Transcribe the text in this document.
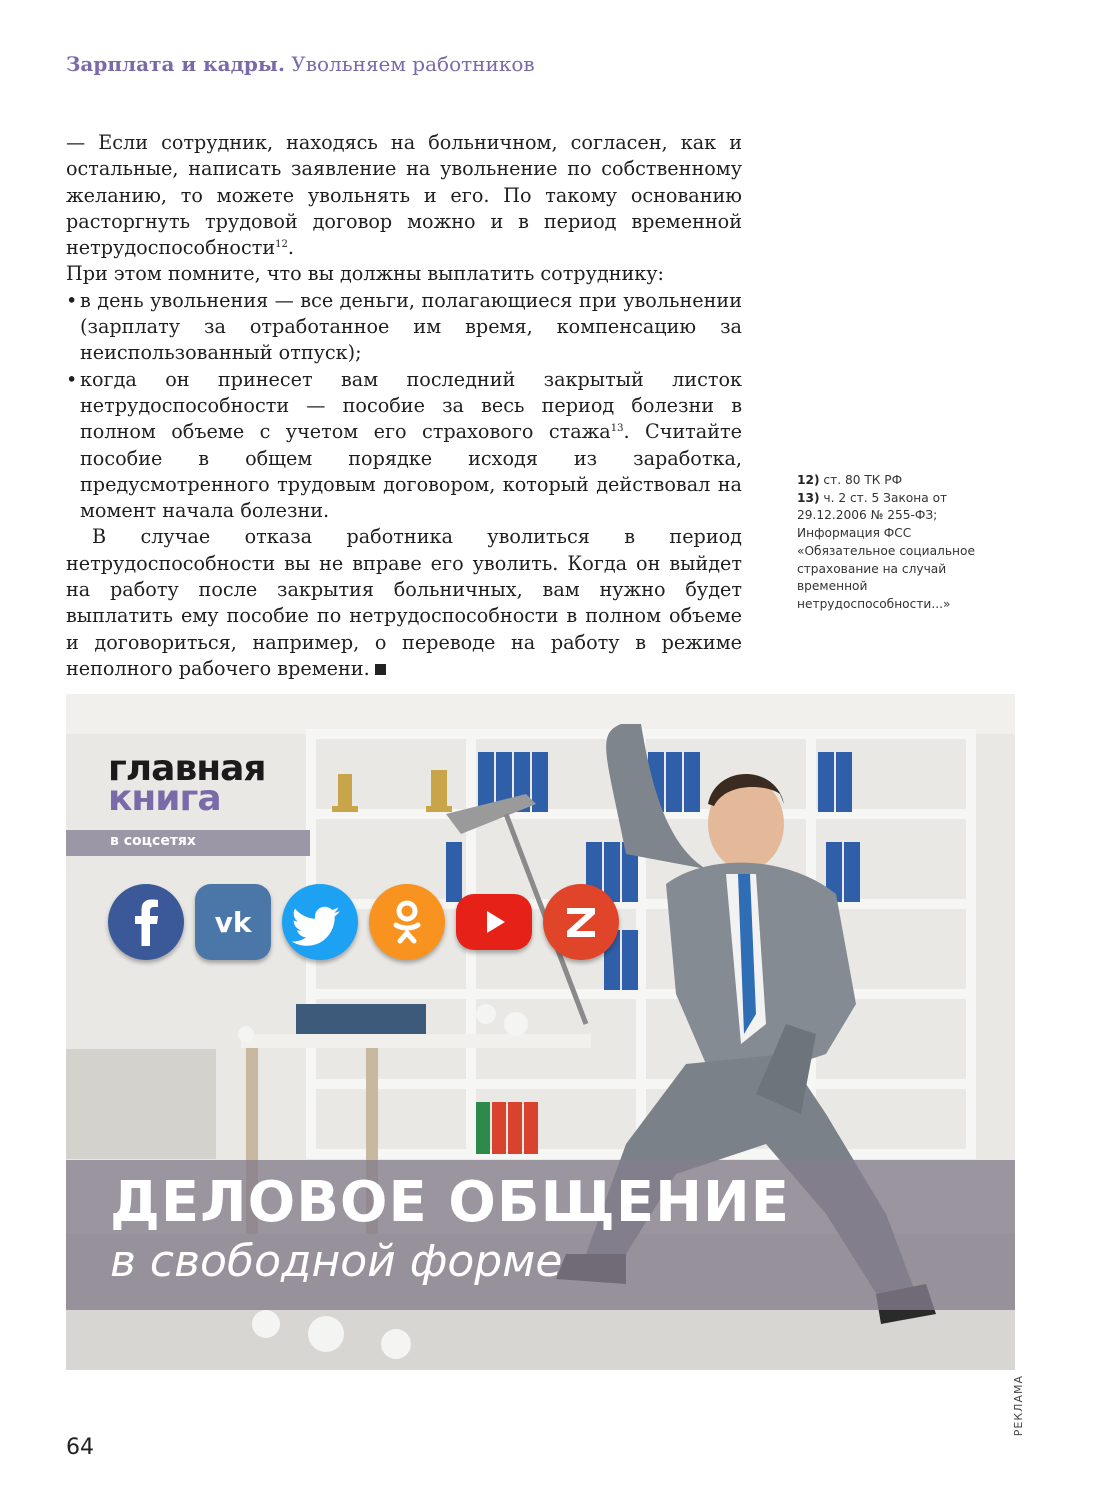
Зарплата и кадры. Увольняем работников

— Если сотрудник, находясь на больничном, согласен, как и остальные, написать заявление на увольнение по собственному желанию, то можете увольнять и его. По такому основанию расторгнуть трудовой договор можно и в период временной нетрудоспособности$^{12}$.

При этом помните, что вы должны выплатить сотруднику:

• в день увольнения — все деньги, полагающиеся при увольнении (зарплату за отработанное им время, компенсацию за неиспользованный отпуск);
• когда он принесет вам последний закрытый листок нетрудоспособности — пособие за весь период болезни в полном объеме с учетом его страхового стажа$^{13}$. Считайте пособие в общем порядке исходя из заработка, предусмотренного трудовым договором, который действовал на момент начала болезни.

В случае отказа работника уволиться в период нетрудоспособности вы не вправе его уволить. Когда он выйдет на работу после закрытия больничных, вам нужно будет выплатить ему пособие по нетрудоспособности в полном объеме и договориться, например, о переводе на работу в режиме неполного рабочего времени.

12) ст. 80 ТК РФ

13) ч. 2 ст. 5 Закона от 29.12.2006 № 255-ФЗ; Информация ФСС «Обязательное социальное страхование на случай временной нетрудоспособности...»

главная
книга
в соцсетях
vk
ДЕЛОВОЕ ОБЩЕНИЕ
в свободной форме
РЕКЛАМА
64
